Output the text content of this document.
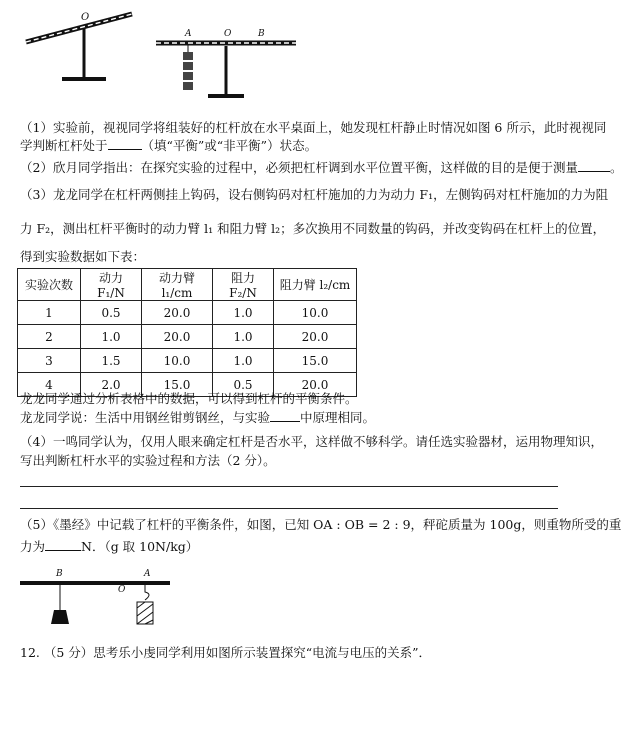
O
A	O	B
（1）实验前，视视同学将组装好的杠杆放在水平桌面上，她发现杠杆静止时情况如图 6 所示，此时视视同
学判断杠杆处于	（填“平衡”或“非平衡”）状态。
（2）欣月同学指出：在探究实验的过程中，必须把杠杆调到水平位置平衡，这样做的目的是便于测量	。
（3）龙龙同学在杠杆两侧挂上钩码，设右侧钩码对杠杆施加的力为动力 F₁，左侧钩码对杠杆施加的力为阻
力 F₂，测出杠杆平衡时的动力臂 l₁ 和阻力臂 l₂；多次换用不同数量的钩码，并改变钩码在杠杆上的位置，
得到实验数据如下表：
实验次数	动力 F₁/N	动力臂 l₁/cm	阻力 F₂/N	阻力臂 l₂/cm
1	0.5	20.0	1.0	10.0
2	1.0	20.0	1.0	20.0
3	1.5	10.0	1.0	15.0
4	2.0	15.0	0.5	20.0
龙龙同学通过分析表格中的数据，可以得到杠杆的平衡条件。
龙龙同学说：生活中用钢丝钳剪钢丝，与实验 中原理相同。
（4）一鸣同学认为，仅用人眼来确定杠杆是否水平，这样做不够科学。请任选实验器材，运用物理知识，
写出判断杠杆水平的实验过程和方法（2 分）。
（5）《墨经》中记载了杠杆的平衡条件，如图，已知 OA : OB = 2 : 9，秤砣质量为 100g，则重物所受的重
力为	N．（g 取 10N/kg）
B
O
A
12. （5 分）思考乐小虔同学利用如图所示装置探究“电流与电压的关系”．
